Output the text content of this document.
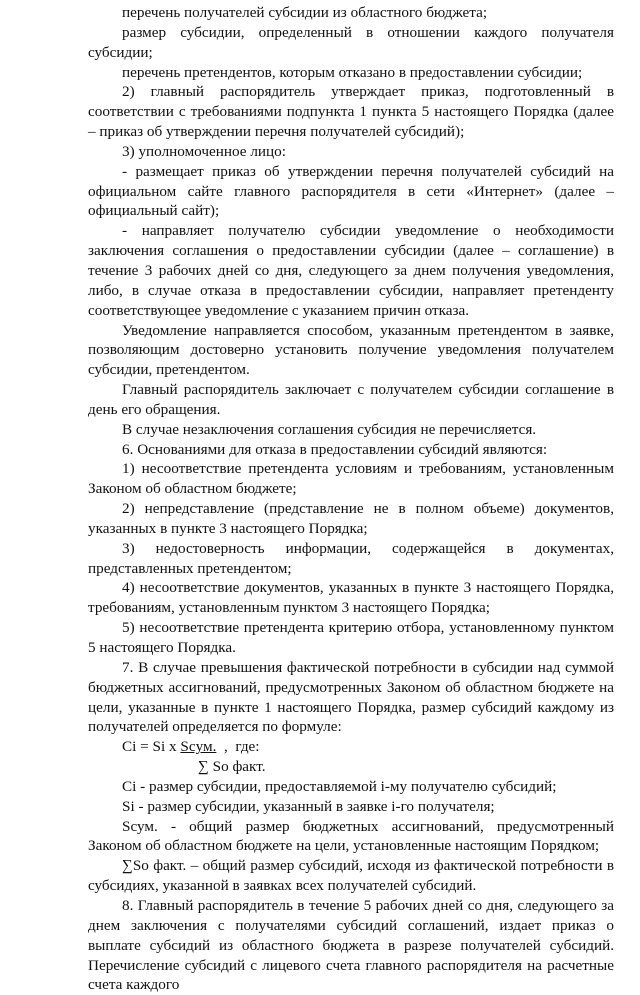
перечень получателей субсидии из областного бюджета;

размер субсидии, определенный в отношении каждого получателя субсидии;

перечень претендентов, которым отказано в предоставлении субсидии;

2) главный распорядитель утверждает приказ, подготовленный в соответствии с требованиями подпункта 1 пункта 5 настоящего Порядка (далее – приказ об утверждении перечня получателей субсидий);

3) уполномоченное лицо:

- размещает приказ об утверждении перечня получателей субсидий на официальном сайте главного распорядителя в сети «Интернет» (далее – официальный сайт);

- направляет получателю субсидии уведомление о необходимости заключения соглашения о предоставлении субсидии (далее – соглашение) в течение 3 рабочих дней со дня, следующего за днем получения уведомления, либо, в случае отказа в предоставлении субсидии, направляет претенденту соответствующее уведомление с указанием причин отказа.

Уведомление направляется способом, указанным претендентом в заявке, позволяющим достоверно установить получение уведомления получателем субсидии, претендентом.

Главный распорядитель заключает с получателем субсидии соглашение в день его обращения.

В случае незаключения соглашения субсидия не перечисляется.

6. Основаниями для отказа в предоставлении субсидий являются:

1) несоответствие претендента условиям и требованиям, установленным Законом об областном бюджете;

2) непредставление (представление не в полном объеме) документов, указанных в пункте 3 настоящего Порядка;

3) недостоверность информации, содержащейся в документах, представленных претендентом;

4) несоответствие документов, указанных в пункте 3 настоящего Порядка, требованиям, установленным пунктом 3 настоящего Порядка;

5) несоответствие претендента критерию отбора, установленному пунктом 5 настоящего Порядка.

7. В случае превышения фактической потребности в субсидии над суммой бюджетных ассигнований, предусмотренных Законом об областном бюджете на цели, указанные в пункте 1 настоящего Порядка, размер субсидий каждому из получателей определяется по формуле:

Ci = Si x Scум.  ,  где:
∑ So факт.

Ci - размер субсидии, предоставляемой i-му получателю субсидий;

Si - размер субсидии, указанный в заявке i-го получателя;

Sсум. - общий размер бюджетных ассигнований, предусмотренный Законом об областном бюджете на цели, установленные настоящим Порядком;

∑So факт. – общий размер субсидий, исходя из фактической потребности в субсидиях, указанной в заявках всех получателей субсидий.

8. Главный распорядитель в течение 5 рабочих дней со дня, следующего за днем заключения с получателями субсидий соглашений, издает приказ о выплате субсидий из областного бюджета в разрезе получателей субсидий. Перечисление субсидий с лицевого счета главного распорядителя на расчетные счета каждого
